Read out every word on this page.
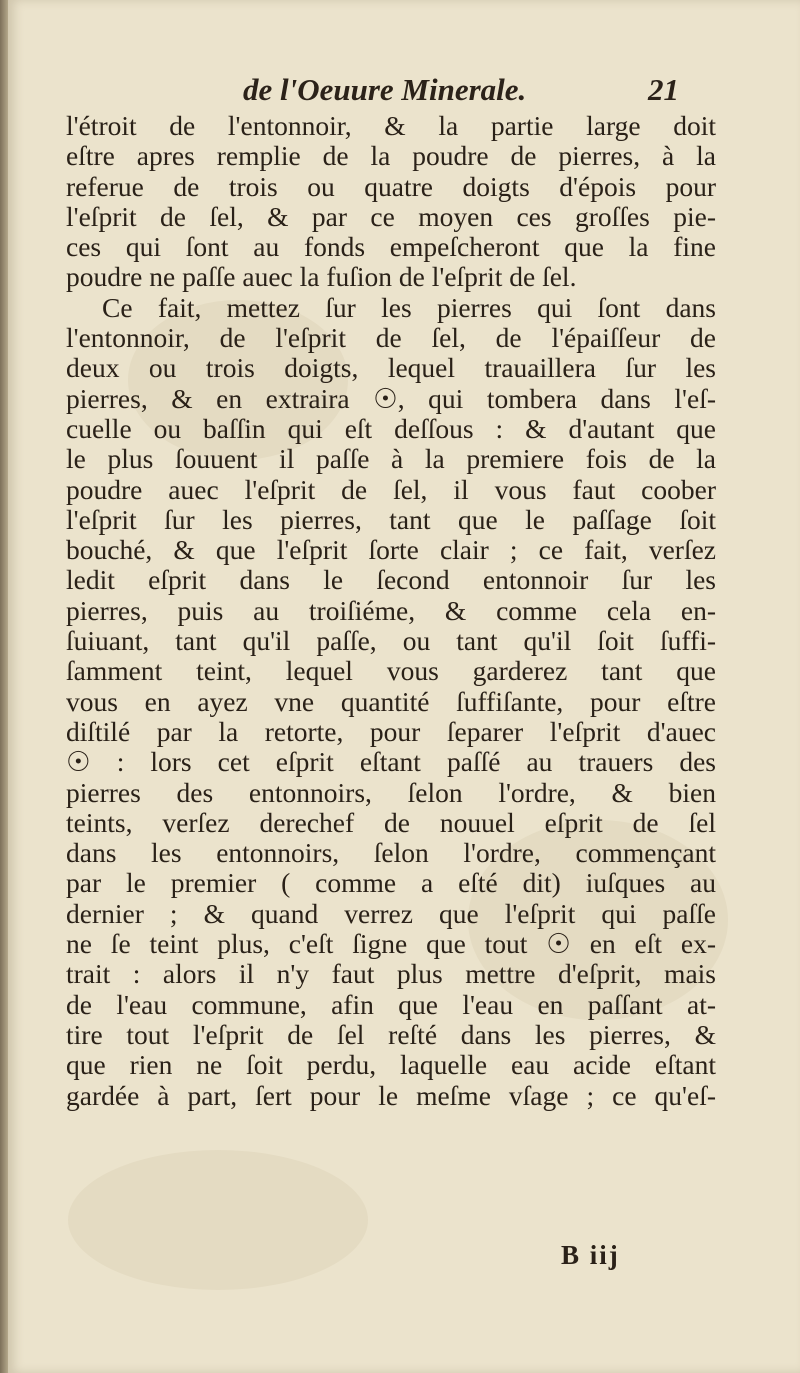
de l'Oeuure Minerale.	21
l'étroit de l'entonnoir, & la partie large doit
eſtre apres remplie de la poudre de pierres, à la
referue de trois ou quatre doigts d'épois pour
l'eſprit de ſel, & par ce moyen ces groſſes pie-
ces qui ſont au fonds empeſcheront que la fine
poudre ne paſſe auec la fuſion de l'eſprit de ſel.
Ce fait, mettez ſur les pierres qui ſont dans
l'entonnoir, de l'eſprit de ſel, de l'épaiſſeur de
deux ou trois doigts, lequel trauaillera ſur les
pierres, & en extraira ☉, qui tombera dans l'eſ-
cuelle ou baſſin qui eſt deſſous : & d'autant que
le plus ſouuent il paſſe à la premiere fois de la
poudre auec l'eſprit de ſel, il vous faut coober
l'eſprit ſur les pierres, tant que le paſſage ſoit
bouché, & que l'eſprit ſorte clair ; ce fait, verſez
ledit eſprit dans le ſecond entonnoir ſur les
pierres, puis au troiſiéme, & comme cela en-
ſuiuant, tant qu'il paſſe, ou tant qu'il ſoit ſuffi-
ſamment teint, lequel vous garderez tant que
vous en ayez vne quantité ſuffiſante, pour eſtre
diſtilé par la retorte, pour ſeparer l'eſprit d'auec
☉ : lors cet eſprit eſtant paſſé au trauers des
pierres des entonnoirs, ſelon l'ordre, & bien
teints, verſez derechef de nouuel eſprit de ſel
dans les entonnoirs, ſelon l'ordre, commençant
par le premier ( comme a eſté dit) iuſques au
dernier ; & quand verrez que l'eſprit qui paſſe
ne ſe teint plus, c'eſt ſigne que tout ☉ en eſt ex-
trait : alors il n'y faut plus mettre d'eſprit, mais
de l'eau commune, afin que l'eau en paſſant at-
tire tout l'eſprit de ſel reſté dans les pierres, &
que rien ne ſoit perdu, laquelle eau acide eſtant
gardée à part, ſert pour le meſme vſage ; ce qu'eſ-
B iij
